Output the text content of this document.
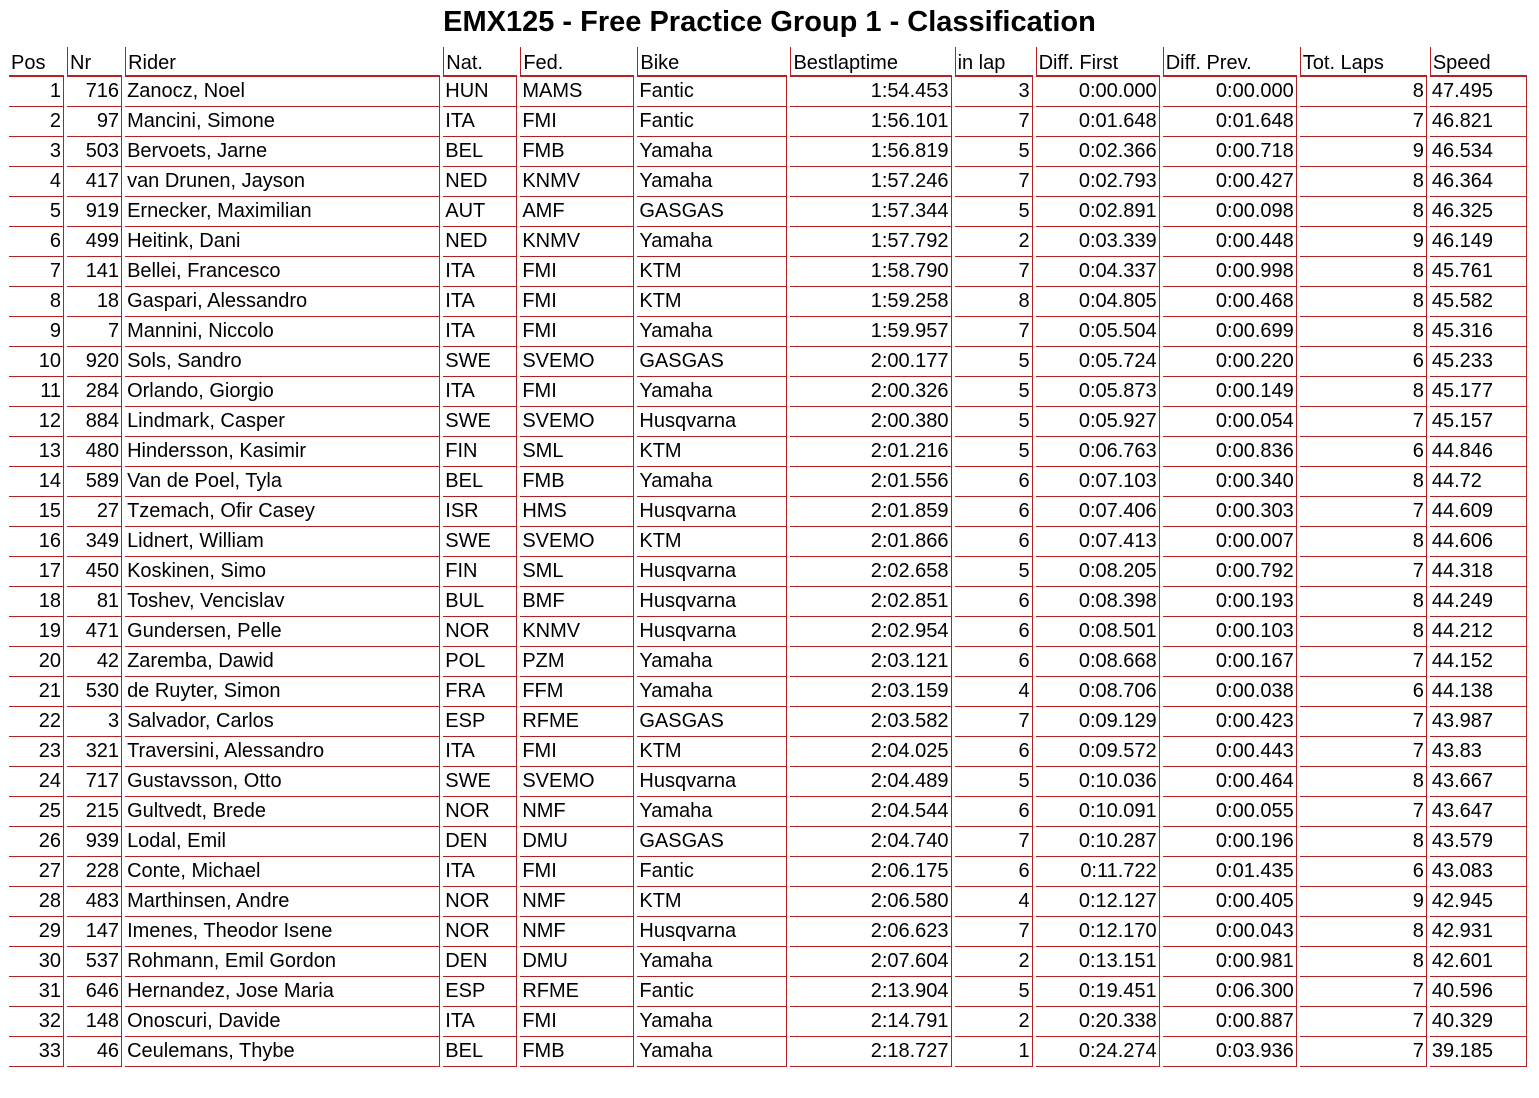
EMX125 - Free Practice Group 1 - Classification
Pos	Nr	Rider	Nat.	Fed.	Bike	Bestlaptime	in lap	Diff. First	Diff. Prev.	Tot. Laps	Speed
1	716	Zanocz, Noel	HUN	MAMS	Fantic	1:54.453	3	0:00.000	0:00.000	8	47.495
2	97	Mancini, Simone	ITA	FMI	Fantic	1:56.101	7	0:01.648	0:01.648	7	46.821
3	503	Bervoets, Jarne	BEL	FMB	Yamaha	1:56.819	5	0:02.366	0:00.718	9	46.534
4	417	van Drunen, Jayson	NED	KNMV	Yamaha	1:57.246	7	0:02.793	0:00.427	8	46.364
5	919	Ernecker, Maximilian	AUT	AMF	GASGAS	1:57.344	5	0:02.891	0:00.098	8	46.325
6	499	Heitink, Dani	NED	KNMV	Yamaha	1:57.792	2	0:03.339	0:00.448	9	46.149
7	141	Bellei, Francesco	ITA	FMI	KTM	1:58.790	7	0:04.337	0:00.998	8	45.761
8	18	Gaspari, Alessandro	ITA	FMI	KTM	1:59.258	8	0:04.805	0:00.468	8	45.582
9	7	Mannini, Niccolo	ITA	FMI	Yamaha	1:59.957	7	0:05.504	0:00.699	8	45.316
10	920	Sols, Sandro	SWE	SVEMO	GASGAS	2:00.177	5	0:05.724	0:00.220	6	45.233
11	284	Orlando, Giorgio	ITA	FMI	Yamaha	2:00.326	5	0:05.873	0:00.149	8	45.177
12	884	Lindmark, Casper	SWE	SVEMO	Husqvarna	2:00.380	5	0:05.927	0:00.054	7	45.157
13	480	Hindersson, Kasimir	FIN	SML	KTM	2:01.216	5	0:06.763	0:00.836	6	44.846
14	589	Van de Poel, Tyla	BEL	FMB	Yamaha	2:01.556	6	0:07.103	0:00.340	8	44.72
15	27	Tzemach, Ofir Casey	ISR	HMS	Husqvarna	2:01.859	6	0:07.406	0:00.303	7	44.609
16	349	Lidnert, William	SWE	SVEMO	KTM	2:01.866	6	0:07.413	0:00.007	8	44.606
17	450	Koskinen, Simo	FIN	SML	Husqvarna	2:02.658	5	0:08.205	0:00.792	7	44.318
18	81	Toshev, Vencislav	BUL	BMF	Husqvarna	2:02.851	6	0:08.398	0:00.193	8	44.249
19	471	Gundersen, Pelle	NOR	KNMV	Husqvarna	2:02.954	6	0:08.501	0:00.103	8	44.212
20	42	Zaremba, Dawid	POL	PZM	Yamaha	2:03.121	6	0:08.668	0:00.167	7	44.152
21	530	de Ruyter, Simon	FRA	FFM	Yamaha	2:03.159	4	0:08.706	0:00.038	6	44.138
22	3	Salvador, Carlos	ESP	RFME	GASGAS	2:03.582	7	0:09.129	0:00.423	7	43.987
23	321	Traversini, Alessandro	ITA	FMI	KTM	2:04.025	6	0:09.572	0:00.443	7	43.83
24	717	Gustavsson, Otto	SWE	SVEMO	Husqvarna	2:04.489	5	0:10.036	0:00.464	8	43.667
25	215	Gultvedt, Brede	NOR	NMF	Yamaha	2:04.544	6	0:10.091	0:00.055	7	43.647
26	939	Lodal, Emil	DEN	DMU	GASGAS	2:04.740	7	0:10.287	0:00.196	8	43.579
27	228	Conte, Michael	ITA	FMI	Fantic	2:06.175	6	0:11.722	0:01.435	6	43.083
28	483	Marthinsen, Andre	NOR	NMF	KTM	2:06.580	4	0:12.127	0:00.405	9	42.945
29	147	Imenes, Theodor Isene	NOR	NMF	Husqvarna	2:06.623	7	0:12.170	0:00.043	8	42.931
30	537	Rohmann, Emil Gordon	DEN	DMU	Yamaha	2:07.604	2	0:13.151	0:00.981	8	42.601
31	646	Hernandez, Jose Maria	ESP	RFME	Fantic	2:13.904	5	0:19.451	0:06.300	7	40.596
32	148	Onoscuri, Davide	ITA	FMI	Yamaha	2:14.791	2	0:20.338	0:00.887	7	40.329
33	46	Ceulemans, Thybe	BEL	FMB	Yamaha	2:18.727	1	0:24.274	0:03.936	7	39.185
